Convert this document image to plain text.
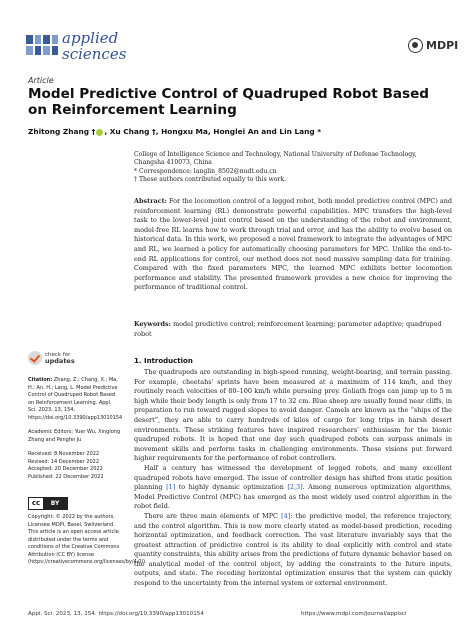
applied
sciences	MDPI
Article
Model Predictive Control of Quadruped Robot Based on Reinforcement Learning
Zhitong Zhang † , Xu Chang †, Hongxu Ma, Honglei An and Lin Lang *
College of Intelligence Science and Technology, National University of Defense Technology,
Changsha 410073, China
* Correspondence: langlin_8502@nudt.edu.cn
† These authors contributed equally to this work.
Abstract: For the locomotion control of a legged robot, both model predictive control (MPC) and reinforcement learning (RL) demonstrate powerful capabilities. MPC transfers the high-level task to the lower-level joint control based on the understanding of the robot and environment, model-free RL learns how to work through trial and error, and has the ability to evolve based on historical data. In this work, we proposed a novel framework to integrate the advantages of MPC and RL, we learned a policy for automatically choosing parameters for MPC. Unlike the end-to-end RL applications for control, our method does not need massive sampling data for training. Compared with the fixed parameters MPC, the learned MPC exhibits better locomotion performance and stability. The presented framework provides a new choice for improving the performance of traditional control.
Keywords: model predictive control; reinforcement learning; parameter adaptive; quadruped robot
1. Introduction

The quadrupeds are outstanding in high-speed running, weight-bearing, and terrain passing. For example, cheetahs' sprints have been measured at a maximum of 114 km/h, and they routinely reach velocities of 80–100 km/h while pursuing prey. Goliath frogs can jump up to 5 m high while their body length is only from 17 to 32 cm. Blue sheep are usually found near cliffs, in preparation to run toward rugged slopes to avoid danger. Camels are known as the “ships of the desert”, they are able to carry hundreds of kilos of cargo for long trips in harsh desert environments. These striking features have inspired researchers' enthusiasm for the bionic quadruped robots. It is hoped that one day such quadruped robots can surpass animals in movement skills and perform tasks in challenging environments. These visions put forward higher requirements for the performance of robot controllers.

Half a century has witnessed the development of legged robots, and many excellent quadruped robots have emerged. The issue of controller design has shifted from static position planning [1] to highly dynamic optimization [2,3]. Among numerous optimization algorithms, Model Predictive Control (MPC) has emerged as the most widely used control algorithm in the robot field.

There are three main elements of MPC [4]: the predictive model, the reference trajectory, and the control algorithm. This is now more clearly stated as model-based prediction, receding horizontal optimization, and feedback correction. The vast literature invariably says that the greatest attraction of predictive control is its ability to deal explicitly with control and state quantity constraints, this ability arises from the predictions of future dynamic behavior based on the analytical model of the control object, by adding the constraints to the future inputs, outputs, and state. The receding horizontal optimization ensures that the system can quickly respond to the uncertainty from the internal system or external environment.

check for
updates
Citation: Zhang, Z.; Chang, X.; Ma, H.; An, H.; Lang, L. Model Predictive Control of Quadruped Robot Based on Reinforcement Learning. Appl. Sci. 2023, 13, 154. https://doi.org/10.3390/app13010154
Academic Editors: Yuer Wu, Xinglong Zhang and Pengfei Ju
Received: 8 November 2022
Revised: 14 December 2022
Accepted: 20 December 2022
Published: 22 December 2022
cc	BY
Copyright: © 2022 by the authors. Licensee MDPI, Basel, Switzerland. This article is an open access article distributed under the terms and conditions of the Creative Commons Attribution (CC BY) license (https://creativecommons.org/licenses/by/4.0/).
Appl. Sci. 2023, 13, 154. https://doi.org/10.3390/app13010154	https://www.mdpi.com/journal/applsci
